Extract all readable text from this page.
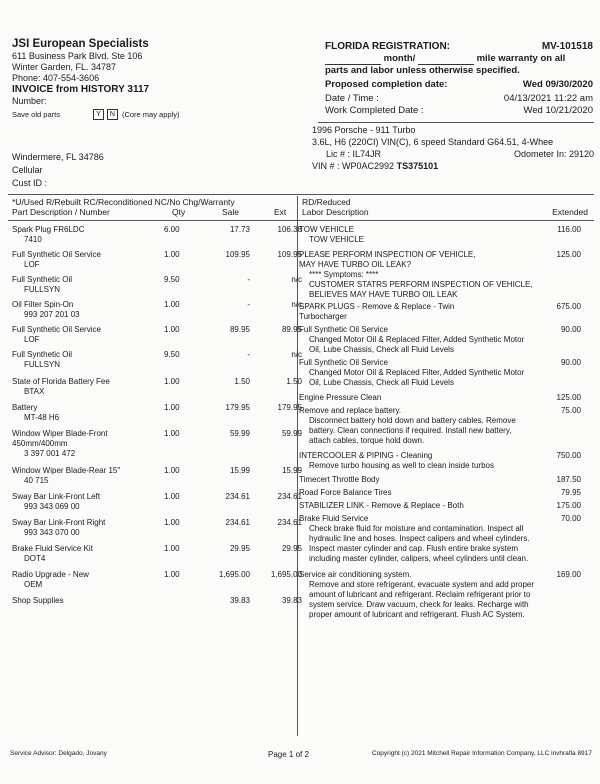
JSI European Specialists
611 Business Park Blvd. Ste 106
Winter Garden, FL. 34787
Phone: 407-554-3606
INVOICE from HISTORY 3117
Number:
Save old parts	Y	N (Core may apply)
FLORIDA REGISTRATION:	MV-101518
month/	mile warranty on all
parts and labor unless otherwise specified.
Proposed completion date:	Wed 09/30/2020
Date / Time :	04/13/2021 11:22 am
Work Completed Date :	Wed 10/21/2020
1996 Porsche - 911 Turbo
3.6L, H6 (220CI) VIN(C), 6 speed Standard G64.51, 4-Whee
Lic # : IL74JR	Odometer In: 29120
VIN # : WP0AC2992 TS375101
Windermere, FL 34786
Cellular
Cust ID :
*U/Used R/Rebuilt RC/Reconditioned NC/No Chg/Warranty
Part Description / Number	Qty	Sale	Ext
RD/Reduced
Labor Description	Extended
Spark Plug FR6LDC
7410
6.00	17.73	106.38
Full Synthetic Oil Service
LOF
1.00	109.95	109.95
Full Synthetic Oil
FULLSYN
9.50	-	n/c
Oil Filter Spin-On
993 207 201 03
1.00	-	n/c
Full Synthetic Oil Service
LOF
1.00	89.95	89.95
Full Synthetic Oil
FULLSYN
9.50	-	n/c
State of Florida Battery Fee
BTAX
1.00	1.50	1.50
Battery
MT-48 H6
1.00	179.95	179.95
Window Wiper Blade-Front
450mm/400mm
3 397 001 472
1.00	59.99	59.99
Window Wiper Blade-Rear 15"
40 715
1.00	15.99	15.99
Sway Bar Link-Front Left
993 343 069 00
1.00	234.61	234.61
Sway Bar Link-Front Right
993 343 070 00
1.00	234.61	234.61
Brake Fluid Service Kit
DOT4
1.00	29.95	29.95
Radio Upgrade - New
OEM
1.00	1,695.00	1,695.00
Shop Supplies	39.83	39.83
TOW VEHICLE	116.00
TOW VEHICLE
PLEASE PERFORM INSPECTION OF VEHICLE,
MAY HAVE TURBO OIL LEAK?
125.00
**** Symptoms: ****
CUSTOMER STATRS PERFORM INSPECTION OF VEHICLE,
BELIEVES MAY HAVE TURBO OIL LEAK
SPARK PLUGS - Remove & Replace - Twin
Turbocharger
675.00
Full Synthetic Oil Service	90.00
Changed Motor Oil & Replaced Filter, Added Synthetic Motor
Oil, Lube Chassis, Check all Fluid Levels
Full Synthetic Oil Service	90.00
Changed Motor Oil & Replaced Filter, Added Synthetic Motor
Oil, Lube Chassis, Check all Fluid Levels
Engine Pressure Clean	125.00
Remove and replace battery.	75.00
Disconnect battery hold down and battery cables. Remove
battery. Clean connections if required. Install new battery,
attach cables, torque hold down.
INTERCOOLER & PIPING - Cleaning	750.00
Remove turbo housing as well to clean inside turbos
Timecert Throttle Body	187.50
Road Force Balance Tires	79.95
STABILIZER LINK - Remove & Replace - Both	175.00
Brake Fluid Service	70.00
Check brake fluid for moisture and contamination. Inspect all
hydraulic line and hoses. Inspect calipers and wheel cylinders.
Inspect master cylinder and cap. Flush entire brake system
including master cylinder, calipers, wheel cylinders until clean.
Service air conditioning system.	169.00
Remove and store refrigerant, evacuate system and add proper
amount of lubricant and refrigerant. Reclaim refrigerant prior to
system service. Draw vacuum, check for leaks. Recharge with
proper amount of lubricant and refrigerant. Flush AC System.
Service Advisor: Delgado, Jovany	Page 1 of 2	Copyright (c) 2021 Mitchell Repair Information Company, LLC invhrafla 8917
